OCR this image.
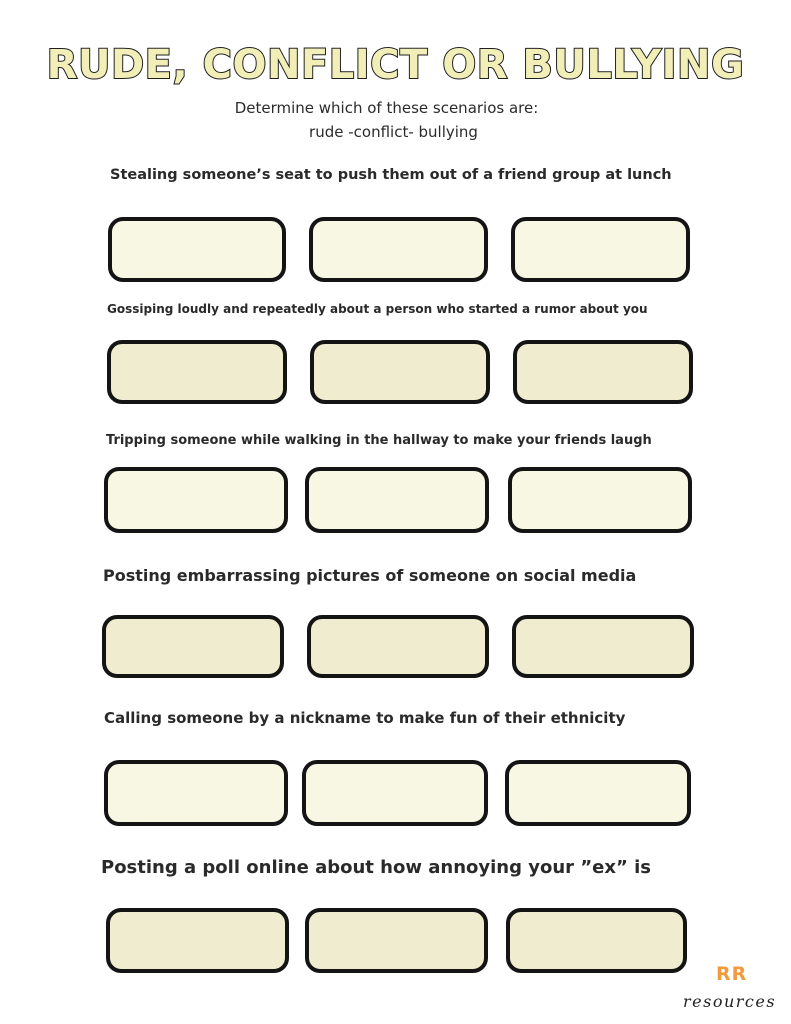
RUDE, CONFLICT OR BULLYING
Determine which of these scenarios are:
rude -conflict- bullying
Stealing someone’s seat to push them out of a friend group at lunch
Gossiping loudly and repeatedly about a person who started a rumor about you
Tripping someone while walking in the hallway to make your friends laugh
Posting embarrassing pictures of someone on social media
Calling someone by a nickname to make fun of their ethnicity
Posting a poll online about how annoying your ”ex” is
RR
resources
